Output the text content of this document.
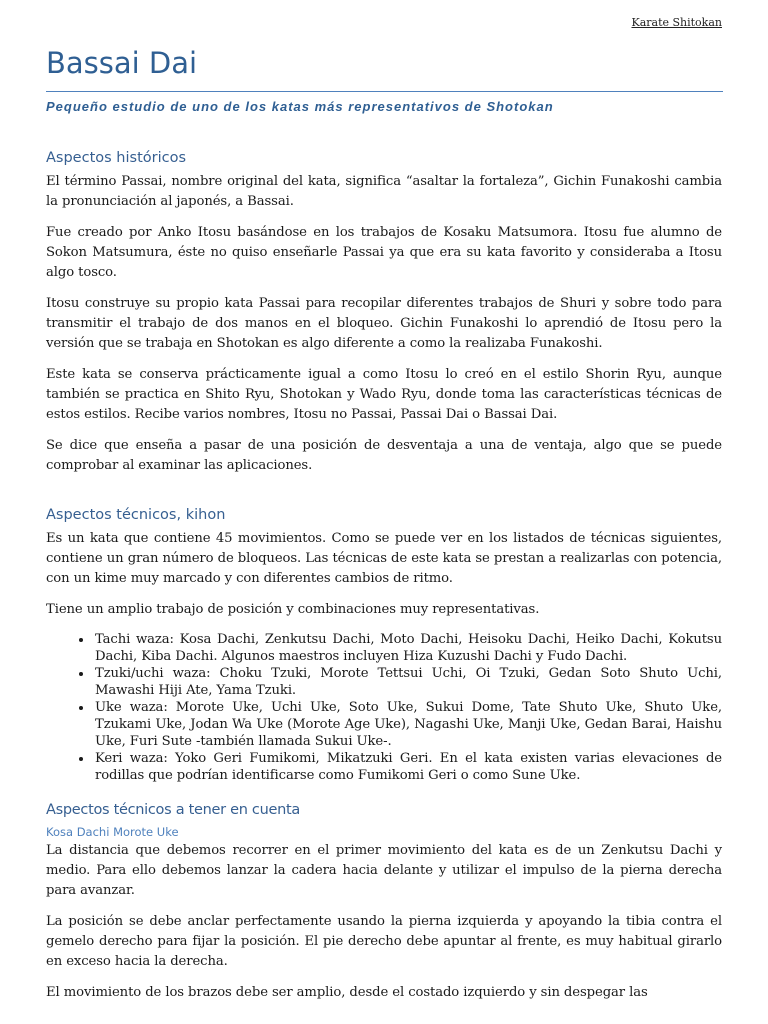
Karate Shitokan
Bassai Dai
Pequeño estudio de uno de los katas más representativos de Shotokan
Aspectos históricos

El término Passai, nombre original del kata, significa “asaltar la fortaleza”, Gichin Funakoshi cambia la pronunciación al japonés, a Bassai.

Fue creado por Anko Itosu basándose en los trabajos de Kosaku Matsumora. Itosu fue alumno de Sokon Matsumura, éste no quiso enseñarle Passai ya que era su kata favorito y consideraba a Itosu algo tosco.

Itosu construye su propio kata Passai para recopilar diferentes trabajos de Shuri y sobre todo para transmitir el trabajo de dos manos en el bloqueo. Gichin Funakoshi lo aprendió de Itosu pero la versión que se trabaja en Shotokan es algo diferente a como la realizaba Funakoshi.

Este kata se conserva prácticamente igual a como Itosu lo creó en el estilo Shorin Ryu, aunque también se practica en Shito Ryu, Shotokan y Wado Ryu, donde toma las características técnicas de estos estilos. Recibe varios nombres, Itosu no Passai, Passai Dai o Bassai Dai.

Se dice que enseña a pasar de una posición de desventaja a una de ventaja, algo que se puede comprobar al examinar las aplicaciones.

Aspectos técnicos, kihon

Es un kata que contiene 45 movimientos. Como se puede ver en los listados de técnicas siguientes, contiene un gran número de bloqueos. Las técnicas de este kata se prestan a realizarlas con potencia, con un kime muy marcado y con diferentes cambios de ritmo.

Tiene un amplio trabajo de posición y combinaciones muy representativas.

• Tachi waza: Kosa Dachi, Zenkutsu Dachi, Moto Dachi, Heisoku Dachi, Heiko Dachi, Kokutsu Dachi, Kiba Dachi. Algunos maestros incluyen Hiza Kuzushi Dachi y Fudo Dachi.
• Tzuki/uchi waza: Choku Tzuki, Morote Tettsui Uchi, Oi Tzuki, Gedan Soto Shuto Uchi, Mawashi Hiji Ate, Yama Tzuki.
• Uke waza: Morote Uke, Uchi Uke, Soto Uke, Sukui Dome, Tate Shuto Uke, Shuto Uke, Tzukami Uke, Jodan Wa Uke (Morote Age Uke), Nagashi Uke, Manji Uke, Gedan Barai, Haishu Uke, Furi Sute -también llamada Sukui Uke-.
• Keri waza: Yoko Geri Fumikomi, Mikatzuki Geri. En el kata existen varias elevaciones de rodillas que podrían identificarse como Fumikomi Geri o como Sune Uke.
Aspectos técnicos a tener en cuenta
Kosa Dachi Morote Uke

La distancia que debemos recorrer en el primer movimiento del kata es de un Zenkutsu Dachi y medio. Para ello debemos lanzar la cadera hacia delante y utilizar el impulso de la pierna derecha para avanzar.

La posición se debe anclar perfectamente usando la pierna izquierda y apoyando la tibia contra el gemelo derecho para fijar la posición. El pie derecho debe apuntar al frente, es muy habitual girarlo en exceso hacia la derecha.

El movimiento de los brazos debe ser amplio, desde el costado izquierdo y sin despegar las
